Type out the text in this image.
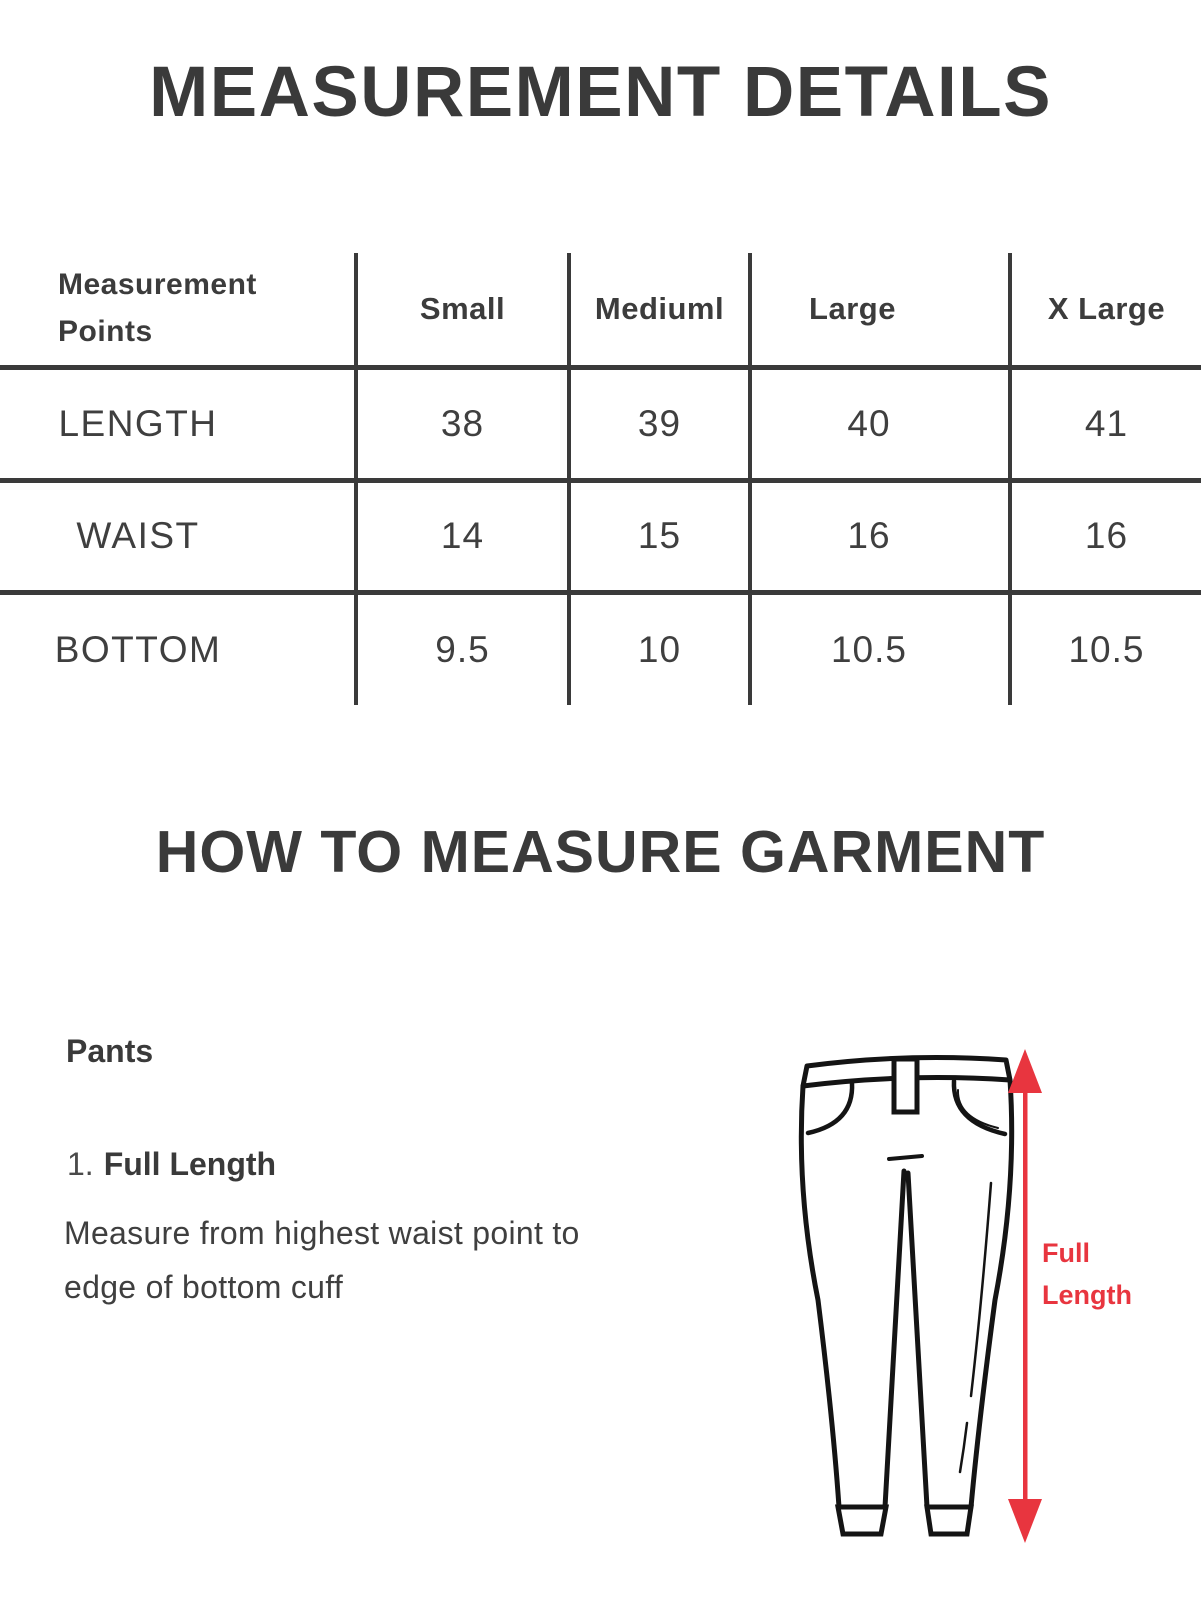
MEASUREMENT DETAILS
Measurement Points	Small	Mediuml	Large	X Large
LENGTH	38	39	40	41
WAIST	14	15	16	16
BOTTOM	9.5	10	10.5	10.5
HOW TO MEASURE GARMENT
Pants
1. Full Length
Measure from highest waist point to
edge of bottom cuff
Full
Length
